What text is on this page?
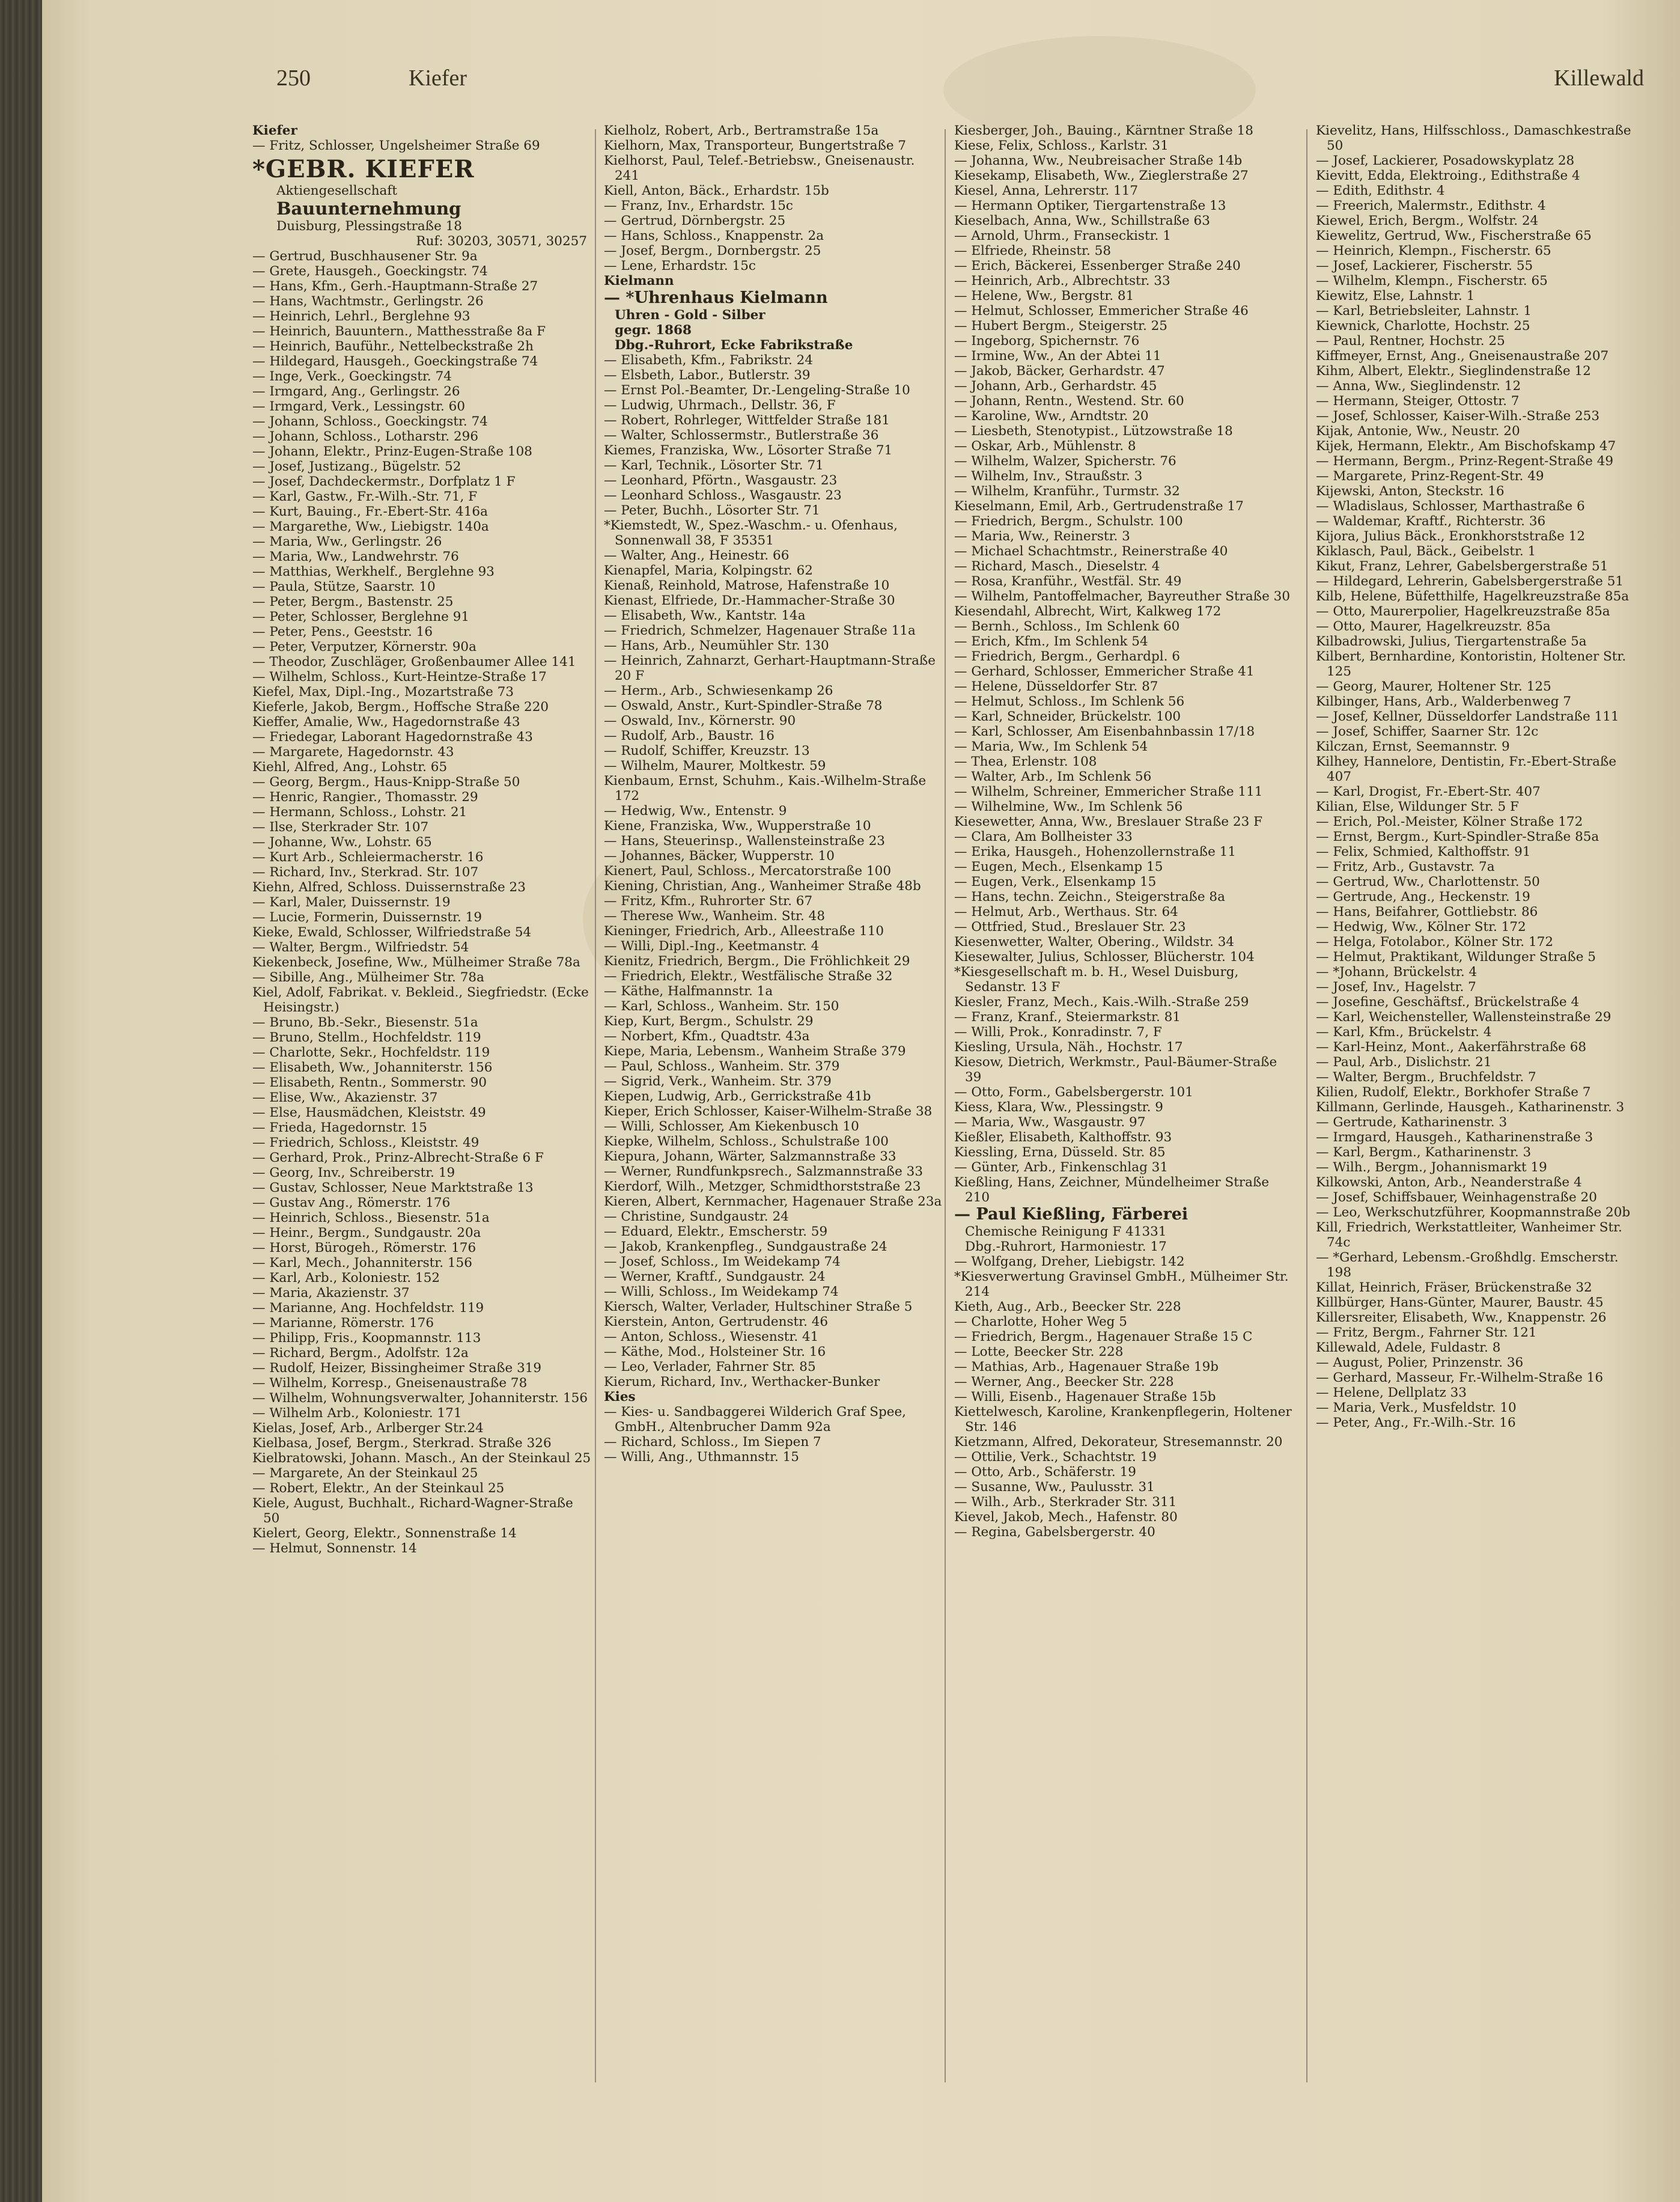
250	Kiefer	Killewald

Kiefer

— Fritz, Schlosser, Ungelsheimer Straße 69

*GEBR. KIEFER

Aktiengesellschaft

Bauunternehmung

Duisburg, Plessingstraße 18

Ruf: 30203, 30571, 30257

— Gertrud, Buschhausener Str. 9a

— Grete, Hausgeh., Goeckingstr. 74

— Hans, Kfm., Gerh.-Hauptmann-Straße 27

— Hans, Wachtmstr., Gerlingstr. 26

— Heinrich, Lehrl., Berglehne 93

— Heinrich, Bauuntern., Matthesstraße 8a F

— Heinrich, Bauführ., Nettelbeckstraße 2h

— Hildegard, Hausgeh., Goeckingstraße 74

— Inge, Verk., Goeckingstr. 74

— Irmgard, Ang., Gerlingstr. 26

— Irmgard, Verk., Lessingstr. 60

— Johann, Schloss., Goeckingstr. 74

— Johann, Schloss., Lotharstr. 296

— Johann, Elektr., Prinz-Eugen-Straße 108

— Josef, Justizang., Bügelstr. 52

— Josef, Dachdeckermstr., Dorfplatz 1 F

— Karl, Gastw., Fr.-Wilh.-Str. 71, F

— Kurt, Bauing., Fr.-Ebert-Str. 416a

— Margarethe, Ww., Liebigstr. 140a

— Maria, Ww., Gerlingstr. 26

— Maria, Ww., Landwehrstr. 76

— Matthias, Werkhelf., Berglehne 93

— Paula, Stütze, Saarstr. 10

— Peter, Bergm., Bastenstr. 25

— Peter, Schlosser, Berglehne 91

— Peter, Pens., Geeststr. 16

— Peter, Verputzer, Körnerstr. 90a

— Theodor, Zuschläger, Großenbaumer Allee 141

— Wilhelm, Schloss., Kurt-Heintze-Straße 17

Kiefel, Max, Dipl.-Ing., Mozartstraße 73

Kieferle, Jakob, Bergm., Hoffsche Straße 220

Kieffer, Amalie, Ww., Hagedornstraße 43

— Friedegar, Laborant Hagedornstraße 43

— Margarete, Hagedornstr. 43

Kiehl, Alfred, Ang., Lohstr. 65

— Georg, Bergm., Haus-Knipp-Straße 50

— Henric, Rangier., Thomasstr. 29

— Hermann, Schloss., Lohstr. 21

— Ilse, Sterkrader Str. 107

— Johanne, Ww., Lohstr. 65

— Kurt Arb., Schleiermacherstr. 16

— Richard, Inv., Sterkrad. Str. 107

Kiehn, Alfred, Schloss. Duissernstraße 23

— Karl, Maler, Duissernstr. 19

— Lucie, Formerin, Duissernstr. 19

Kieke, Ewald, Schlosser, Wilfriedstraße 54

— Walter, Bergm., Wilfriedstr. 54

Kiekenbeck, Josefine, Ww., Mülheimer Straße 78a

— Sibille, Ang., Mülheimer Str. 78a

Kiel, Adolf, Fabrikat. v. Bekleid., Siegfriedstr. (Ecke Heisingstr.)

— Bruno, Bb.-Sekr., Biesenstr. 51a

— Bruno, Stellm., Hochfeldstr. 119

— Charlotte, Sekr., Hochfeldstr. 119

— Elisabeth, Ww., Johanniterstr. 156

— Elisabeth, Rentn., Sommerstr. 90

— Elise, Ww., Akazienstr. 37

— Else, Hausmädchen, Kleiststr. 49

— Frieda, Hagedornstr. 15

— Friedrich, Schloss., Kleiststr. 49

— Gerhard, Prok., Prinz-Albrecht-Straße 6 F

— Georg, Inv., Schreiberstr. 19

— Gustav, Schlosser, Neue Marktstraße 13

— Gustav Ang., Römerstr. 176

— Heinrich, Schloss., Biesenstr. 51a

— Heinr., Bergm., Sundgaustr. 20a

— Horst, Bürogeh., Römerstr. 176

— Karl, Mech., Johanniterstr. 156

— Karl, Arb., Koloniestr. 152

— Maria, Akazienstr. 37

— Marianne, Ang. Hochfeldstr. 119

— Marianne, Römerstr. 176

— Philipp, Fris., Koopmannstr. 113

— Richard, Bergm., Adolfstr. 12a

— Rudolf, Heizer, Bissingheimer Straße 319

— Wilhelm, Korresp., Gneisenaustraße 78

— Wilhelm, Wohnungsverwalter, Johanniterstr. 156

— Wilhelm Arb., Koloniestr. 171

Kielas, Josef, Arb., Arlberger Str.24

Kielbasa, Josef, Bergm., Sterkrad. Straße 326

Kielbratowski, Johann. Masch., An der Steinkaul 25

— Margarete, An der Steinkaul 25

— Robert, Elektr., An der Steinkaul 25

Kiele, August, Buchhalt., Richard-Wagner-Straße 50

Kielert, Georg, Elektr., Sonnenstraße 14

— Helmut, Sonnenstr. 14

Kielholz, Robert, Arb., Bertramstraße 15a

Kielhorn, Max, Transporteur, Bungertstraße 7

Kielhorst, Paul, Telef.-Betriebsw., Gneisenaustr. 241

Kiell, Anton, Bäck., Erhardstr. 15b

— Franz, Inv., Erhardstr. 15c

— Gertrud, Dörnbergstr. 25

— Hans, Schloss., Knappenstr. 2a

— Josef, Bergm., Dornbergstr. 25

— Lene, Erhardstr. 15c

Kielmann

— *Uhrenhaus Kielmann

Uhren - Gold - Silber

gegr. 1868

Dbg.-Ruhrort, Ecke Fabrikstraße

— Elisabeth, Kfm., Fabrikstr. 24

— Elsbeth, Labor., Butlerstr. 39

— Ernst Pol.-Beamter, Dr.-Lengeling-Straße 10

— Ludwig, Uhrmach., Dellstr. 36, F

— Robert, Rohrleger, Wittfelder Straße 181

— Walter, Schlossermstr., Butlerstraße 36

Kiemes, Franziska, Ww., Lösorter Straße 71

— Karl, Technik., Lösorter Str. 71

— Leonhard, Pförtn., Wasgaustr. 23

— Leonhard Schloss., Wasgaustr. 23

— Peter, Buchh., Lösorter Str. 71

*Kiemstedt, W., Spez.-Waschm.- u. Ofenhaus, Sonnenwall 38, F 35351

— Walter, Ang., Heinestr. 66

Kienapfel, Maria, Kolpingstr. 62

Kienaß, Reinhold, Matrose, Hafenstraße 10

Kienast, Elfriede, Dr.-Hammacher-Straße 30

— Elisabeth, Ww., Kantstr. 14a

— Friedrich, Schmelzer, Hagenauer Straße 11a

— Hans, Arb., Neumühler Str. 130

— Heinrich, Zahnarzt, Gerhart-Hauptmann-Straße 20 F

— Herm., Arb., Schwiesenkamp 26

— Oswald, Anstr., Kurt-Spindler-Straße 78

— Oswald, Inv., Körnerstr. 90

— Rudolf, Arb., Baustr. 16

— Rudolf, Schiffer, Kreuzstr. 13

— Wilhelm, Maurer, Moltkestr. 59

Kienbaum, Ernst, Schuhm., Kais.-Wilhelm-Straße 172

— Hedwig, Ww., Entenstr. 9

Kiene, Franziska, Ww., Wupperstraße 10

— Hans, Steuerinsp., Wallensteinstraße 23

— Johannes, Bäcker, Wupperstr. 10

Kienert, Paul, Schloss., Mercatorstraße 100

Kiening, Christian, Ang., Wanheimer Straße 48b

— Fritz, Kfm., Ruhrorter Str. 67

— Therese Ww., Wanheim. Str. 48

Kieninger, Friedrich, Arb., Alleestraße 110

— Willi, Dipl.-Ing., Keetmanstr. 4

Kienitz, Friedrich, Bergm., Die Fröhlichkeit 29

— Friedrich, Elektr., Westfälische Straße 32

— Käthe, Halfmannstr. 1a

— Karl, Schloss., Wanheim. Str. 150

Kiep, Kurt, Bergm., Schulstr. 29

— Norbert, Kfm., Quadtstr. 43a

Kiepe, Maria, Lebensm., Wanheim Straße 379

— Paul, Schloss., Wanheim. Str. 379

— Sigrid, Verk., Wanheim. Str. 379

Kiepen, Ludwig, Arb., Gerrickstraße 41b

Kieper, Erich Schlosser, Kaiser-Wilhelm-Straße 38

— Willi, Schlosser, Am Kiekenbusch 10

Kiepke, Wilhelm, Schloss., Schulstraße 100

Kiepura, Johann, Wärter, Salzmannstraße 33

— Werner, Rundfunkpsrech., Salzmannstraße 33

Kierdorf, Wilh., Metzger, Schmidthorststraße 23

Kieren, Albert, Kernmacher, Hagenauer Straße 23a

— Christine, Sundgaustr. 24

— Eduard, Elektr., Emscherstr. 59

— Jakob, Krankenpfleg., Sundgaustraße 24

— Josef, Schloss., Im Weidekamp 74

— Werner, Kraftf., Sundgaustr. 24

— Willi, Schloss., Im Weidekamp 74

Kiersch, Walter, Verlader, Hultschiner Straße 5

Kierstein, Anton, Gertrudenstr. 46

— Anton, Schloss., Wiesenstr. 41

— Käthe, Mod., Holsteiner Str. 16

— Leo, Verlader, Fahrner Str. 85

Kierum, Richard, Inv., Werthacker-Bunker

Kies

— Kies- u. Sandbaggerei Wilderich Graf Spee, GmbH., Altenbrucher Damm 92a

— Richard, Schloss., Im Siepen 7

— Willi, Ang., Uthmannstr. 15

Kiesberger, Joh., Bauing., Kärntner Straße 18

Kiese, Felix, Schloss., Karlstr. 31

— Johanna, Ww., Neubreisacher Straße 14b

Kiesekamp, Elisabeth, Ww., Zieglerstraße 27

Kiesel, Anna, Lehrerstr. 117

— Hermann Optiker, Tiergartenstraße 13

Kieselbach, Anna, Ww., Schillstraße 63

— Arnold, Uhrm., Franseckistr. 1

— Elfriede, Rheinstr. 58

— Erich, Bäckerei, Essenberger Straße 240

— Heinrich, Arb., Albrechtstr. 33

— Helene, Ww., Bergstr. 81

— Helmut, Schlosser, Emmericher Straße 46

— Hubert Bergm., Steigerstr. 25

— Ingeborg, Spichernstr. 76

— Irmine, Ww., An der Abtei 11

— Jakob, Bäcker, Gerhardstr. 47

— Johann, Arb., Gerhardstr. 45

— Johann, Rentn., Westend. Str. 60

— Karoline, Ww., Arndtstr. 20

— Liesbeth, Stenotypist., Lützowstraße 18

— Oskar, Arb., Mühlenstr. 8

— Wilhelm, Walzer, Spicherstr. 76

— Wilhelm, Inv., Straußstr. 3

— Wilhelm, Kranführ., Turmstr. 32

Kieselmann, Emil, Arb., Gertrudenstraße 17

— Friedrich, Bergm., Schulstr. 100

— Maria, Ww., Reinerstr. 3

— Michael Schachtmstr., Reinerstraße 40

— Richard, Masch., Dieselstr. 4

— Rosa, Kranführ., Westfäl. Str. 49

— Wilhelm, Pantoffelmacher, Bayreuther Straße 30

Kiesendahl, Albrecht, Wirt, Kalkweg 172

— Bernh., Schloss., Im Schlenk 60

— Erich, Kfm., Im Schlenk 54

— Friedrich, Bergm., Gerhardpl. 6

— Gerhard, Schlosser, Emmericher Straße 41

— Helene, Düsseldorfer Str. 87

— Helmut, Schloss., Im Schlenk 56

— Karl, Schneider, Brückelstr. 100

— Karl, Schlosser, Am Eisenbahnbassin 17/18

— Maria, Ww., Im Schlenk 54

— Thea, Erlenstr. 108

— Walter, Arb., Im Schlenk 56

— Wilhelm, Schreiner, Emmericher Straße 111

— Wilhelmine, Ww., Im Schlenk 56

Kiesewetter, Anna, Ww., Breslauer Straße 23 F

— Clara, Am Bollheister 33

— Erika, Hausgeh., Hohenzollernstraße 11

— Eugen, Mech., Elsenkamp 15

— Eugen, Verk., Elsenkamp 15

— Hans, techn. Zeichn., Steigerstraße 8a

— Helmut, Arb., Werthaus. Str. 64

— Ottfried, Stud., Breslauer Str. 23

Kiesenwetter, Walter, Obering., Wildstr. 34

Kiesewalter, Julius, Schlosser, Blücherstr. 104

*Kiesgesellschaft m. b. H., Wesel Duisburg, Sedanstr. 13 F

Kiesler, Franz, Mech., Kais.-Wilh.-Straße 259

— Franz, Kranf., Steiermarkstr. 81

— Willi, Prok., Konradinstr. 7, F

Kiesling, Ursula, Näh., Hochstr. 17

Kiesow, Dietrich, Werkmstr., Paul-Bäumer-Straße 39

— Otto, Form., Gabelsbergerstr. 101

Kiess, Klara, Ww., Plessingstr. 9

— Maria, Ww., Wasgaustr. 97

Kießler, Elisabeth, Kalthoffstr. 93

Kiessling, Erna, Düsseld. Str. 85

— Günter, Arb., Finkenschlag 31

Kießling, Hans, Zeichner, Mündelheimer Straße 210

— Paul Kießling, Färberei

Chemische Reinigung F 41331

Dbg.-Ruhrort, Harmoniestr. 17

— Wolfgang, Dreher, Liebigstr. 142

*Kiesverwertung Gravinsel GmbH., Mülheimer Str. 214

Kieth, Aug., Arb., Beecker Str. 228

— Charlotte, Hoher Weg 5

— Friedrich, Bergm., Hagenauer Straße 15 C

— Lotte, Beecker Str. 228

— Mathias, Arb., Hagenauer Straße 19b

— Werner, Ang., Beecker Str. 228

— Willi, Eisenb., Hagenauer Straße 15b

Kiettelwesch, Karoline, Krankenpflegerin, Holtener Str. 146

Kietzmann, Alfred, Dekorateur, Stresemannstr. 20

— Ottilie, Verk., Schachtstr. 19

— Otto, Arb., Schäferstr. 19

— Susanne, Ww., Paulusstr. 31

— Wilh., Arb., Sterkrader Str. 311

Kievel, Jakob, Mech., Hafenstr. 80

— Regina, Gabelsbergerstr. 40

Kievelitz, Hans, Hilfsschloss., Damaschkestraße 50

— Josef, Lackierer, Posadowskyplatz 28

Kievitt, Edda, Elektroing., Edithstraße 4

— Edith, Edithstr. 4

— Freerich, Malermstr., Edithstr. 4

Kiewel, Erich, Bergm., Wolfstr. 24

Kiewelitz, Gertrud, Ww., Fischerstraße 65

— Heinrich, Klempn., Fischerstr. 65

— Josef, Lackierer, Fischerstr. 55

— Wilhelm, Klempn., Fischerstr. 65

Kiewitz, Else, Lahnstr. 1

— Karl, Betriebsleiter, Lahnstr. 1

Kiewnick, Charlotte, Hochstr. 25

— Paul, Rentner, Hochstr. 25

Kiffmeyer, Ernst, Ang., Gneisenaustraße 207

Kihm, Albert, Elektr., Sieglindenstraße 12

— Anna, Ww., Sieglindenstr. 12

— Hermann, Steiger, Ottostr. 7

— Josef, Schlosser, Kaiser-Wilh.-Straße 253

Kijak, Antonie, Ww., Neustr. 20

Kijek, Hermann, Elektr., Am Bischofskamp 47

— Hermann, Bergm., Prinz-Regent-Straße 49

— Margarete, Prinz-Regent-Str. 49

Kijewski, Anton, Steckstr. 16

— Wladislaus, Schlosser, Marthastraße 6

— Waldemar, Kraftf., Richterstr. 36

Kijora, Julius Bäck., Eronkhorststraße 12

Kiklasch, Paul, Bäck., Geibelstr. 1

Kikut, Franz, Lehrer, Gabelsbergerstraße 51

— Hildegard, Lehrerin, Gabelsbergerstraße 51

Kilb, Helene, Büfetthilfe, Hagelkreuzstraße 85a

— Otto, Maurerpolier, Hagelkreuzstraße 85a

— Otto, Maurer, Hagelkreuzstr. 85a

Kilbadrowski, Julius, Tiergartenstraße 5a

Kilbert, Bernhardine, Kontoristin, Holtener Str. 125

— Georg, Maurer, Holtener Str. 125

Kilbinger, Hans, Arb., Walderbenweg 7

— Josef, Kellner, Düsseldorfer Landstraße 111

— Josef, Schiffer, Saarner Str. 12c

Kilczan, Ernst, Seemannstr. 9

Kilhey, Hannelore, Dentistin, Fr.-Ebert-Straße 407

— Karl, Drogist, Fr.-Ebert-Str. 407

Kilian, Else, Wildunger Str. 5 F

— Erich, Pol.-Meister, Kölner Straße 172

— Ernst, Bergm., Kurt-Spindler-Straße 85a

— Felix, Schmied, Kalthoffstr. 91

— Fritz, Arb., Gustavstr. 7a

— Gertrud, Ww., Charlottenstr. 50

— Gertrude, Ang., Heckenstr. 19

— Hans, Beifahrer, Gottliebstr. 86

— Hedwig, Ww., Kölner Str. 172

— Helga, Fotolabor., Kölner Str. 172

— Helmut, Praktikant, Wildunger Straße 5

— *Johann, Brückelstr. 4

— Josef, Inv., Hagelstr. 7

— Josefine, Geschäftsf., Brückelstraße 4

— Karl, Weichensteller, Wallensteinstraße 29

— Karl, Kfm., Brückelstr. 4

— Karl-Heinz, Mont., Aakerfährstraße 68

— Paul, Arb., Dislichstr. 21

— Walter, Bergm., Bruchfeldstr. 7

Kilien, Rudolf, Elektr., Borkhofer Straße 7

Killmann, Gerlinde, Hausgeh., Katharinenstr. 3

— Gertrude, Katharinenstr. 3

— Irmgard, Hausgeh., Katharinenstraße 3

— Karl, Bergm., Katharinenstr. 3

— Wilh., Bergm., Johannismarkt 19

Kilkowski, Anton, Arb., Neanderstraße 4

— Josef, Schiffsbauer, Weinhagenstraße 20

— Leo, Werkschutzführer, Koopmannstraße 20b

Kill, Friedrich, Werkstattleiter, Wanheimer Str. 74c

— *Gerhard, Lebensm.-Großhdlg. Emscherstr. 198

Killat, Heinrich, Fräser, Brückenstraße 32

Killbürger, Hans-Günter, Maurer, Baustr. 45

Killersreiter, Elisabeth, Ww., Knappenstr. 26

— Fritz, Bergm., Fahrner Str. 121

Killewald, Adele, Fuldastr. 8

— August, Polier, Prinzenstr. 36

— Gerhard, Masseur, Fr.-Wilhelm-Straße 16

— Helene, Dellplatz 33

— Maria, Verk., Musfeldstr. 10

— Peter, Ang., Fr.-Wilh.-Str. 16
